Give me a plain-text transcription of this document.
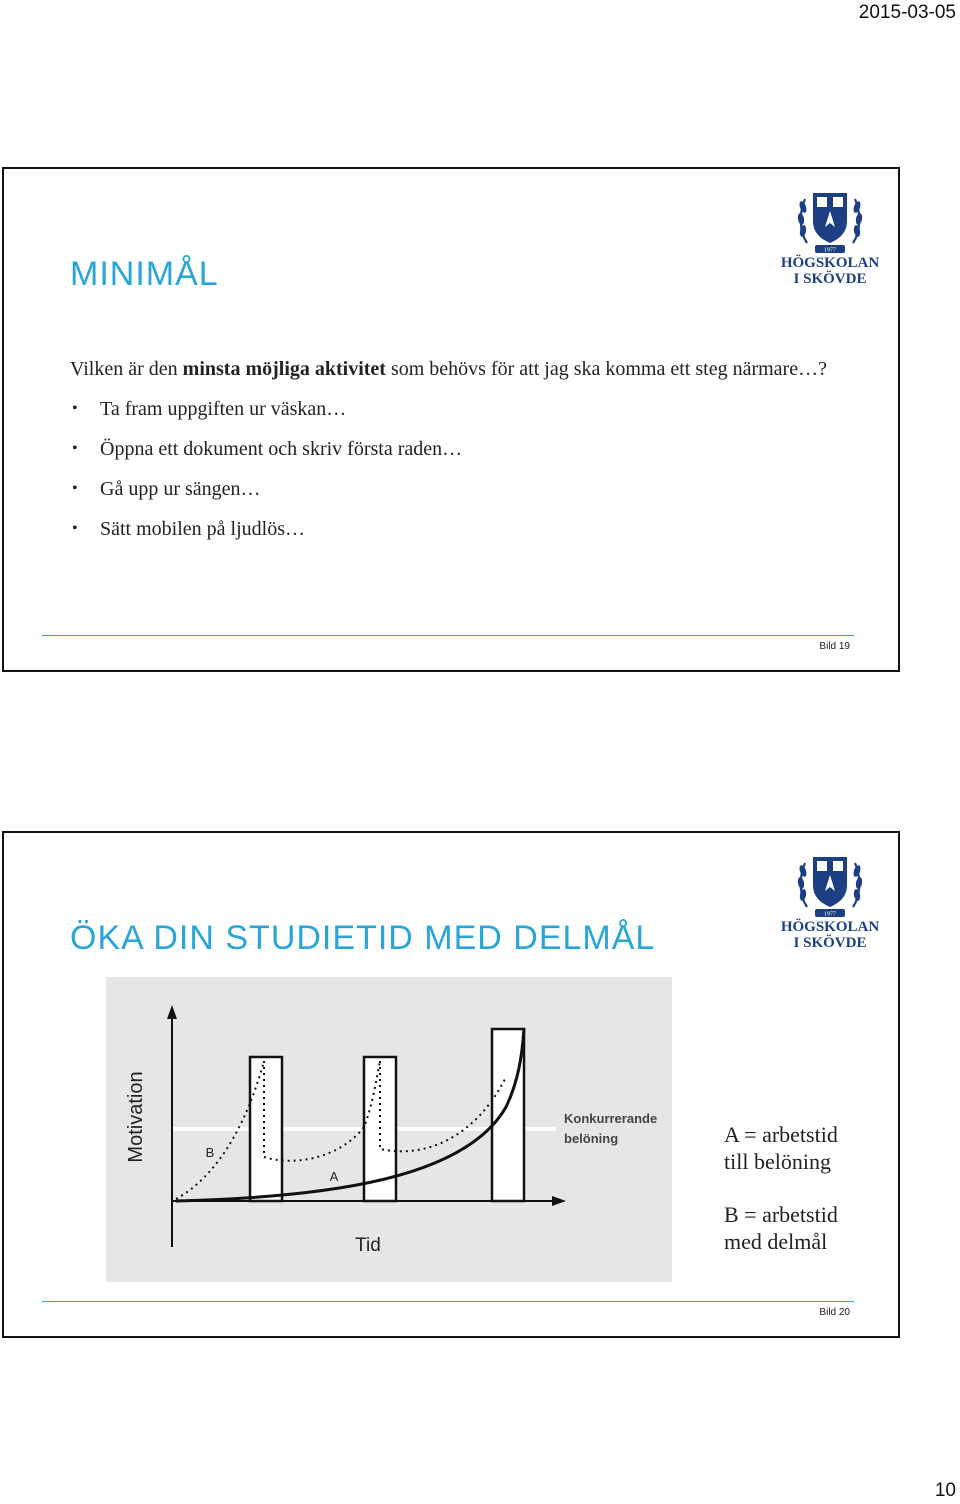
2015-03-05
MINIMÅL
1977
HÖGSKOLAN
I SKÖVDE

Vilken är den minsta möjliga aktivitet som behövs för att jag ska komma ett steg närmare…?

• Ta fram uppgiften ur väskan…
• Öppna ett dokument och skriv första raden…
• Gå upp ur sängen…
• Sätt mobilen på ljudlös…
Bild 19
ÖKA DIN STUDIETID MED DELMÅL
1977
HÖGSKOLAN
I SKÖVDE
Motivation
Tid
B
A
Konkurrerande
belöning	A = arbetstid
till belöning

B = arbetstid
med delmål

Bild 20
10
